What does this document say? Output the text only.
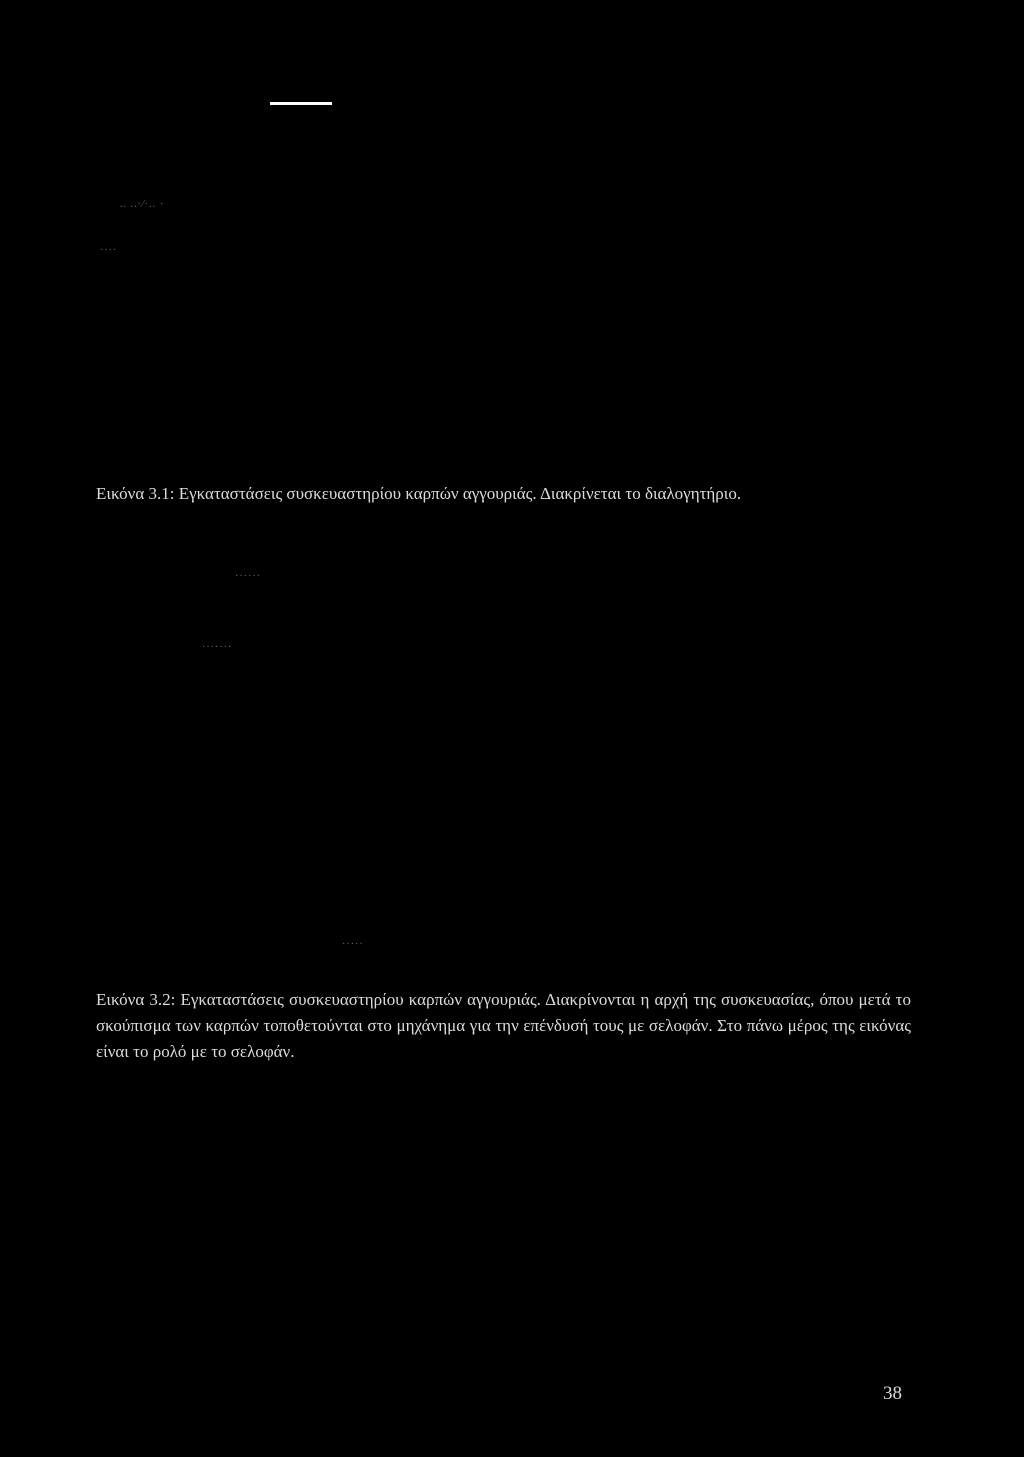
.. ..·⁄·‥ ·
····
Εικόνα 3.1: Εγκαταστάσεις συσκευαστηρίου καρπών αγγουριάς. Διακρίνεται το διαλογητήριο.
······
·······
·····
Εικόνα 3.2: Εγκαταστάσεις συσκευαστηρίου καρπών αγγουριάς. Διακρίνονται η αρχή της συσκευασίας, όπου μετά το σκούπισμα των καρπών τοποθετούνται στο μηχάνημα για την επένδυσή τους με σελοφάν. Στο πάνω μέρος της εικόνας είναι το ρολό με το σελοφάν.
38
